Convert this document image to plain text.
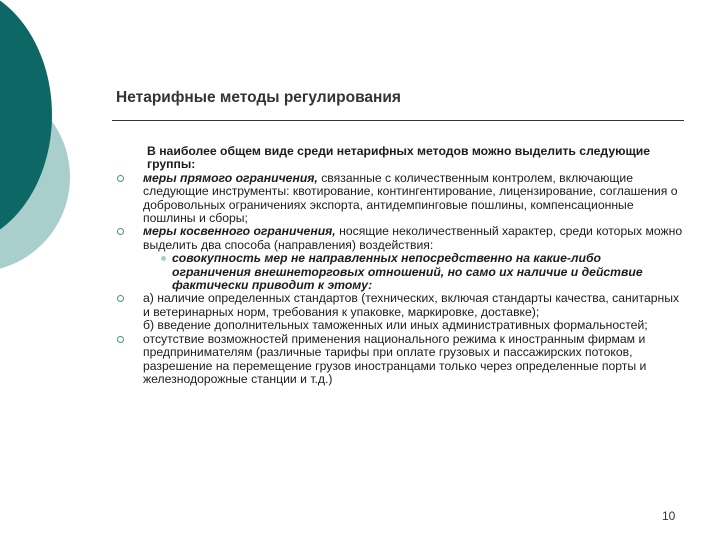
Нетарифные методы регулирования

В наиболее общем виде среди нетарифных методов можно выделить следующие группы:

меры прямого ограничения, связанные с количественным контролем, включающие следующие инструменты: квотирование, контингентирование, лицензирование, соглашения о добровольных ограничениях экспорта, антидемпинговые пошлины, компенсационные пошлины и сборы;
меры косвенного ограничения, носящие неколичественный характер, среди которых можно выделить два способа (направления) воздействия:
совокупность мер не направленных непосредственно на какие-либо ограничения внешнеторговых отношений, но само их наличие и действие фактически приводит к этому:
а) наличие определенных стандартов (технических, включая стандарты качества, санитарных и ветеринарных норм, требования к упаковке, маркировке, доставке);
б) введение дополнительных таможенных или иных административных формальностей;
отсутствие возможностей применения национального режима к иностранным фирмам и предпринимателям (различные тарифы при оплате грузовых и пассажирских потоков, разрешение на перемещение грузов иностранцами только через определенные порты и железнодорожные станции и т.д.)
10
